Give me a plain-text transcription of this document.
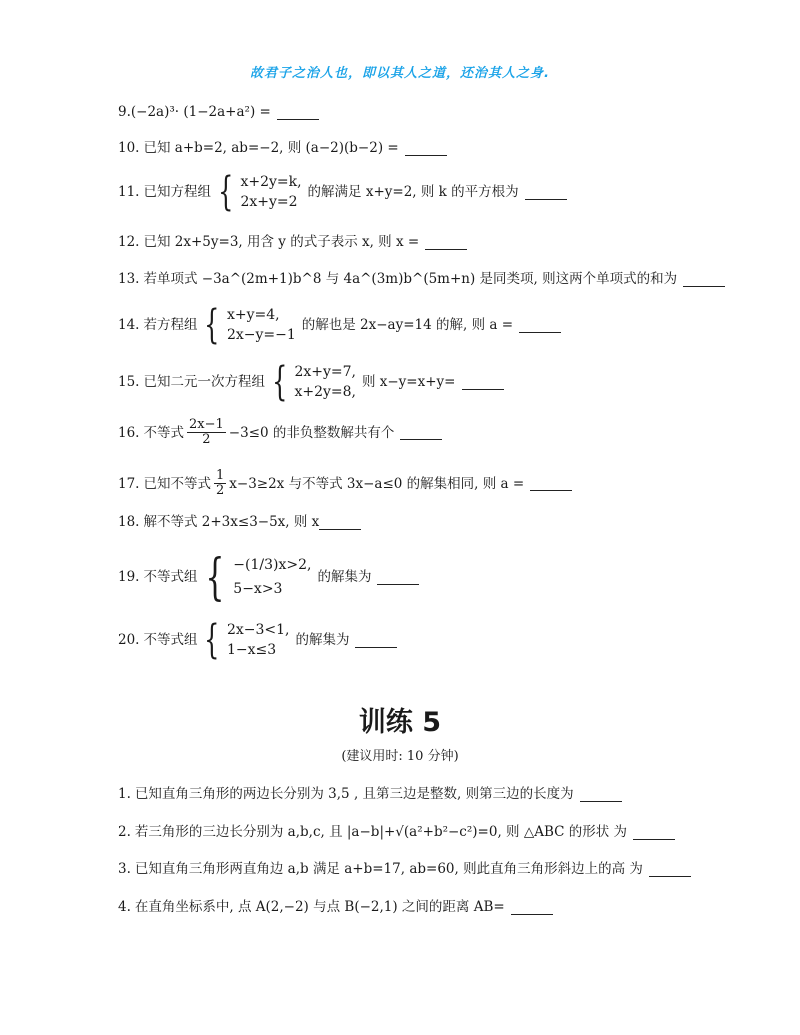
故君子之治人也，即以其人之道，还治其人之身.
9. (−2a)³· (1−2a+a²) =
10. 已知 a+b=2, ab=−2, 则 (a−2)(b−2) =
11. 已知方程组 { x+2y=k,
2x+y=2
的解满足 x+y=2, 则 k 的平方根为
12. 已知 2x+5y=3, 用含 y 的式子表示 x, 则 x =
13. 若单项式 −3a^(2m+1)b^8 与 4a^(3m)b^(5m+n) 是同类项, 则这两个单项式的和为
14. 若方程组 { x+y=4,
2x−y=−1
的解也是 2x−ay=14 的解, 则 a =
15. 已知二元一次方程组 { 2x+y=7,
x+2y=8,
则 x−y=x+y=
16. 不等式 $\frac{2x-1}{2} -3\le 0$ 的非负整数解共有个
17. 已知不等式 $\frac{1}{2} x-3\ge 2x$ 与不等式 3x−a≤0 的解集相同, 则 a =
18. 解不等式 2+3x≤3−5x, 则 x
19. 不等式组 { −(1/3)x>2,
5−x>3
的解集为
20. 不等式组 { 2x−3<1,
1−x≤3
的解集为
训练 5
(建议用时: 10 分钟)
1. 已知直角三角形的两边长分别为 3,5 , 且第三边是整数, 则第三边的长度为
2. 若三角形的三边长分别为 a,b,c, 且 |a−b|+√(a²+b²−c²)=0, 则 △ABC 的形状 为
3. 已知直角三角形两直角边 a,b 满足 a+b=17, ab=60, 则此直角三角形斜边上的高 为
4. 在直角坐标系中, 点 A(2,−2) 与点 B(−2,1) 之间的距离 AB=
